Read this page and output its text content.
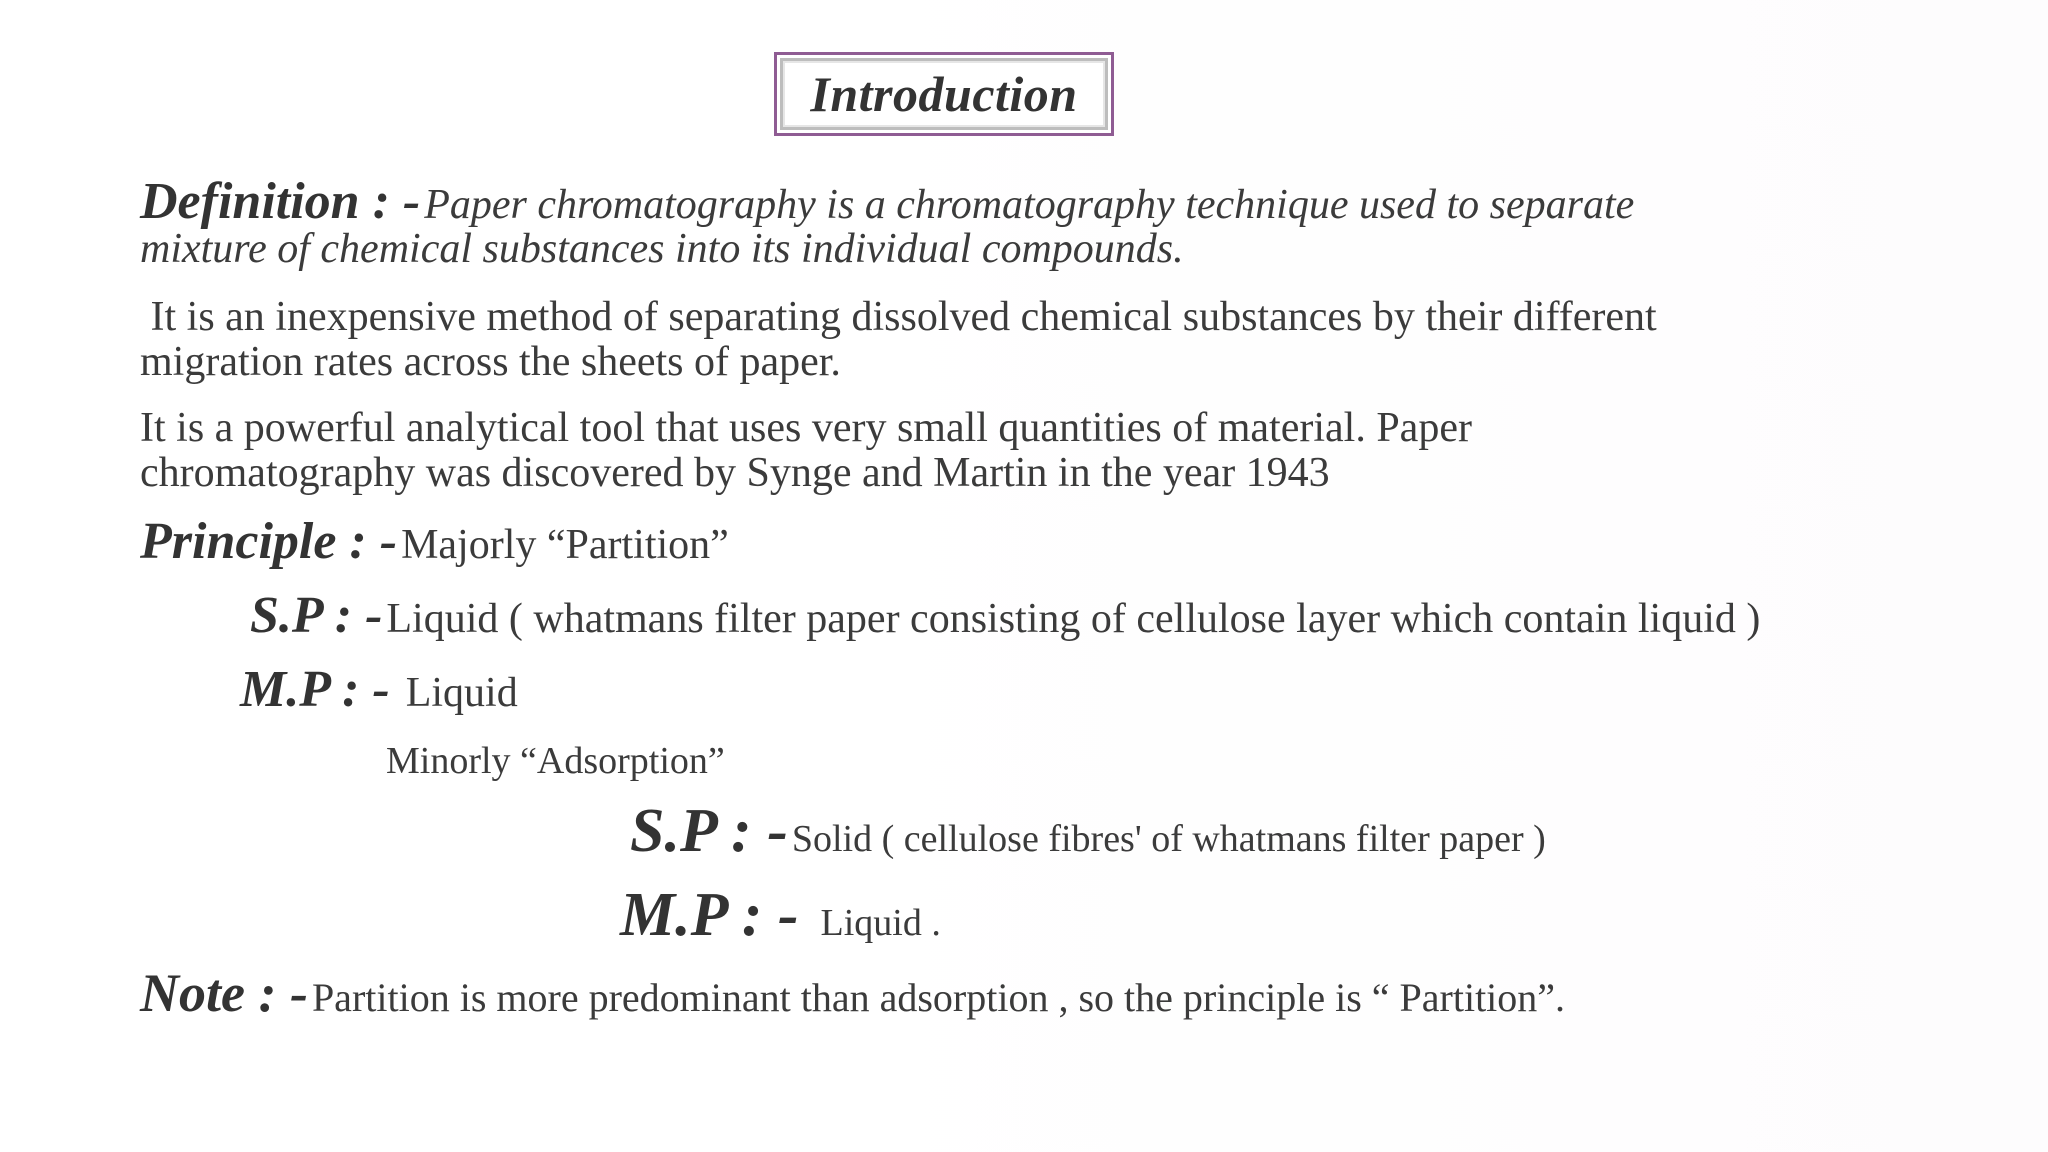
Introduction
Definition : - Paper chromatography is a chromatography technique used to separate
mixture of chemical substances into its individual compounds.
It is an inexpensive method of separating dissolved chemical substances by their different
migration rates across the sheets of paper.
It is a powerful analytical tool that uses very small quantities of material. Paper
chromatography was discovered by Synge and Martin in the year 1943
Principle : - Majorly “Partition”
S.P : - Liquid ( whatmans filter paper consisting of cellulose layer which contain liquid )
M.P : - Liquid
Minorly “Adsorption”
S.P : - Solid ( cellulose fibres' of whatmans filter paper )
M.P : - Liquid .
Note : - Partition is more predominant than adsorption , so the principle is “ Partition”.
